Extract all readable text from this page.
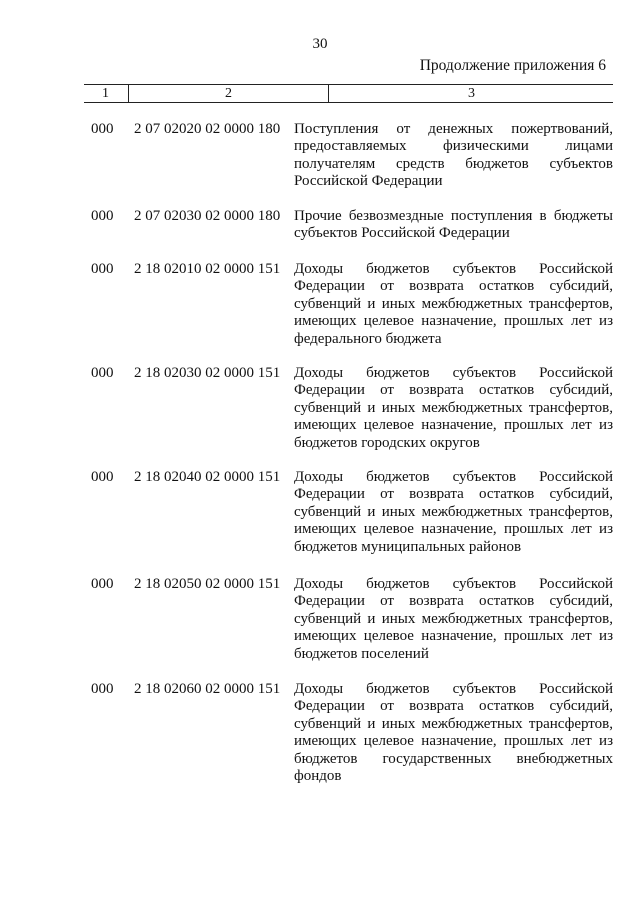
30
Продолжение приложения 6
1	2	3
000 2 07 02020 02 0000 180 Поступления от денежных пожертвований, предоставляемых физическими лицами получателям средств бюджетов субъектов Российской Федерации
000 2 07 02030 02 0000 180 Прочие безвозмездные поступления в бюджеты субъектов Российской Федерации
000 2 18 02010 02 0000 151 Доходы бюджетов субъектов Российской Федерации от возврата остатков субсидий, субвенций и иных межбюджетных трансфертов, имеющих целевое назначение, прошлых лет из федерального бюджета
000 2 18 02030 02 0000 151 Доходы бюджетов субъектов Российской Федерации от возврата остатков субсидий, субвенций и иных межбюджетных трансфертов, имеющих целевое назначение, прошлых лет из бюджетов городских округов
000 2 18 02040 02 0000 151 Доходы бюджетов субъектов Российской Федерации от возврата остатков субсидий, субвенций и иных межбюджетных трансфертов, имеющих целевое назначение, прошлых лет из бюджетов муниципальных районов
000 2 18 02050 02 0000 151 Доходы бюджетов субъектов Российской Федерации от возврата остатков субсидий, субвенций и иных межбюджетных трансфертов, имеющих целевое назначение, прошлых лет из бюджетов поселений
000 2 18 02060 02 0000 151 Доходы бюджетов субъектов Российской Федерации от возврата остатков субсидий, субвенций и иных межбюджетных трансфертов, имеющих целевое назначение, прошлых лет из бюджетов государственных внебюджетных фондов
